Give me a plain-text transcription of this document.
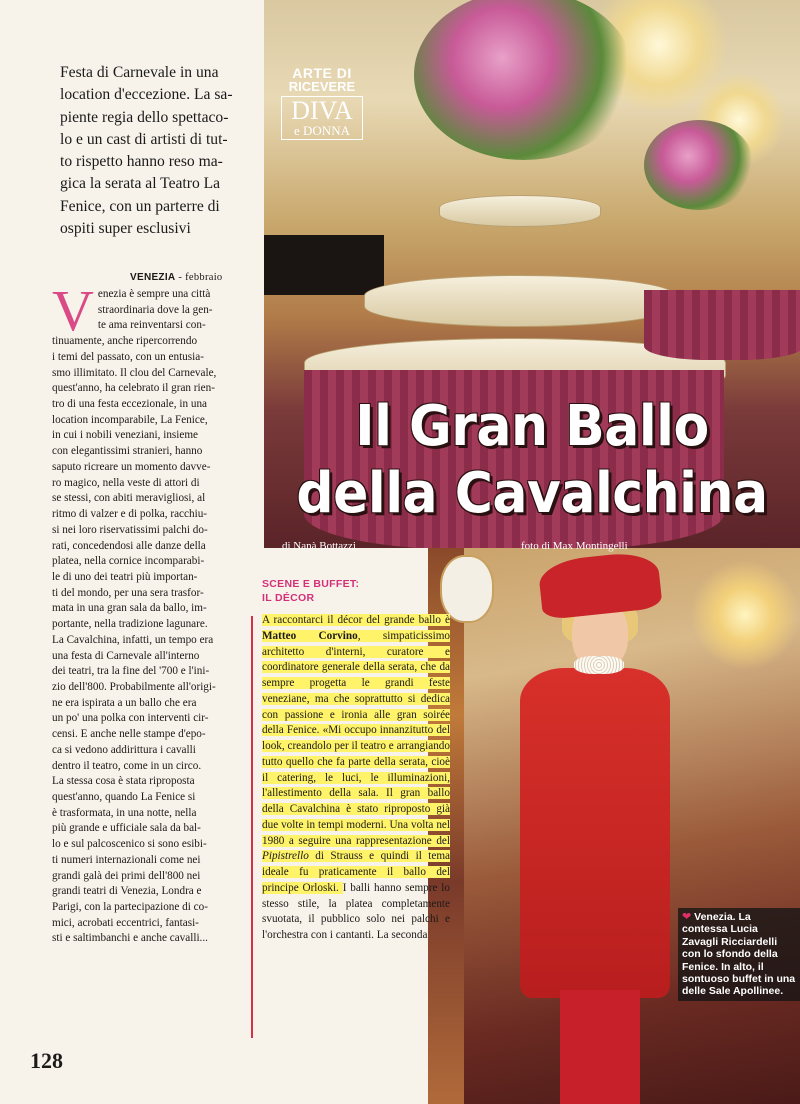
ARTE DI
RICEVERE
DIVA
e DONNA
Il Gran Ballo
della Cavalchina
di Nanà Bottazzi	foto di Max Montingelli
Festa di Carnevale in una
location d'eccezione. La sa-
piente regia dello spettaco-
lo e un cast di artisti di tut-
to rispetto hanno reso ma-
gica la serata al Teatro La
Fenice, con un parterre di
ospiti super esclusivi
VENEZIA - febbraio
V enezia è sempre una città
straordinaria dove la gen-
te ama reinventarsi con-
tinuamente, anche ripercorrendo
i temi del passato, con un entusia-
smo illimitato. Il clou del Carnevale,
quest'anno, ha celebrato il gran rien-
tro di una festa eccezionale, in una
location incomparabile, La Fenice,
in cui i nobili veneziani, insieme
con elegantissimi stranieri, hanno
saputo ricreare un momento davve-
ro magico, nella veste di attori di
se stessi, con abiti meravigliosi, al
ritmo di valzer e di polka, racchiu-
si nei loro riservatissimi palchi do-
rati, concedendosi alle danze della
platea, nella cornice incomparabi-
le di uno dei teatri più importan-
ti del mondo, per una sera trasfor-
mata in una gran sala da ballo, im-
portante, nella tradizione lagunare.
La Cavalchina, infatti, un tempo era
una festa di Carnevale all'interno
dei teatri, tra la fine del '700 e l'ini-
zio dell'800. Probabilmente all'origi-
ne era ispirata a un ballo che era
un po' una polka con interventi cir-
censi. E anche nelle stampe d'epo-
ca si vedono addirittura i cavalli
dentro il teatro, come in un circo.
La stessa cosa è stata riproposta
quest'anno, quando La Fenice si
è trasformata, in una notte, nella
più grande e ufficiale sala da bal-
lo e sul palcoscenico si sono esibi-
ti numeri internazionali come nei
grandi galà dei primi dell'800 nei
grandi teatri di Venezia, Londra e
Parigi, con la partecipazione di co-
mici, acrobati eccentrici, fantasi-
sti e saltimbanchi e anche cavalli...
128
SCENE E BUFFET:
IL DÉCOR
A raccontarci il décor del grande ballo è Matteo Corvino, simpaticissimo architetto d'interni, curatore e coordinatore generale della serata, che da sempre progetta le grandi feste veneziane, ma che soprattutto si dedica con passione e ironia alle gran soirée della Fenice. «Mi occupo innanzitutto del look, creandolo per il teatro e arrangiando tutto quello che fa parte della serata, cioè il catering, le luci, le illuminazioni, l'allestimento della sala. Il gran ballo della Cavalchina è stato riproposto già due volte in tempi moderni. Una volta nel 1980 a seguire una rappresentazione del Pipistrello di Strauss e quindi il tema ideale fu praticamente il ballo del principe Orloski. I balli hanno sempre lo stesso stile, la platea completamente svuotata, il pubblico solo nei palchi e l'orchestra con i cantanti. La seconda
❤ Venezia. La contessa Lucia Zavagli Ricciardelli con lo sfondo della Fenice. In alto, il sontuoso buffet in una delle Sale Apollinee.
